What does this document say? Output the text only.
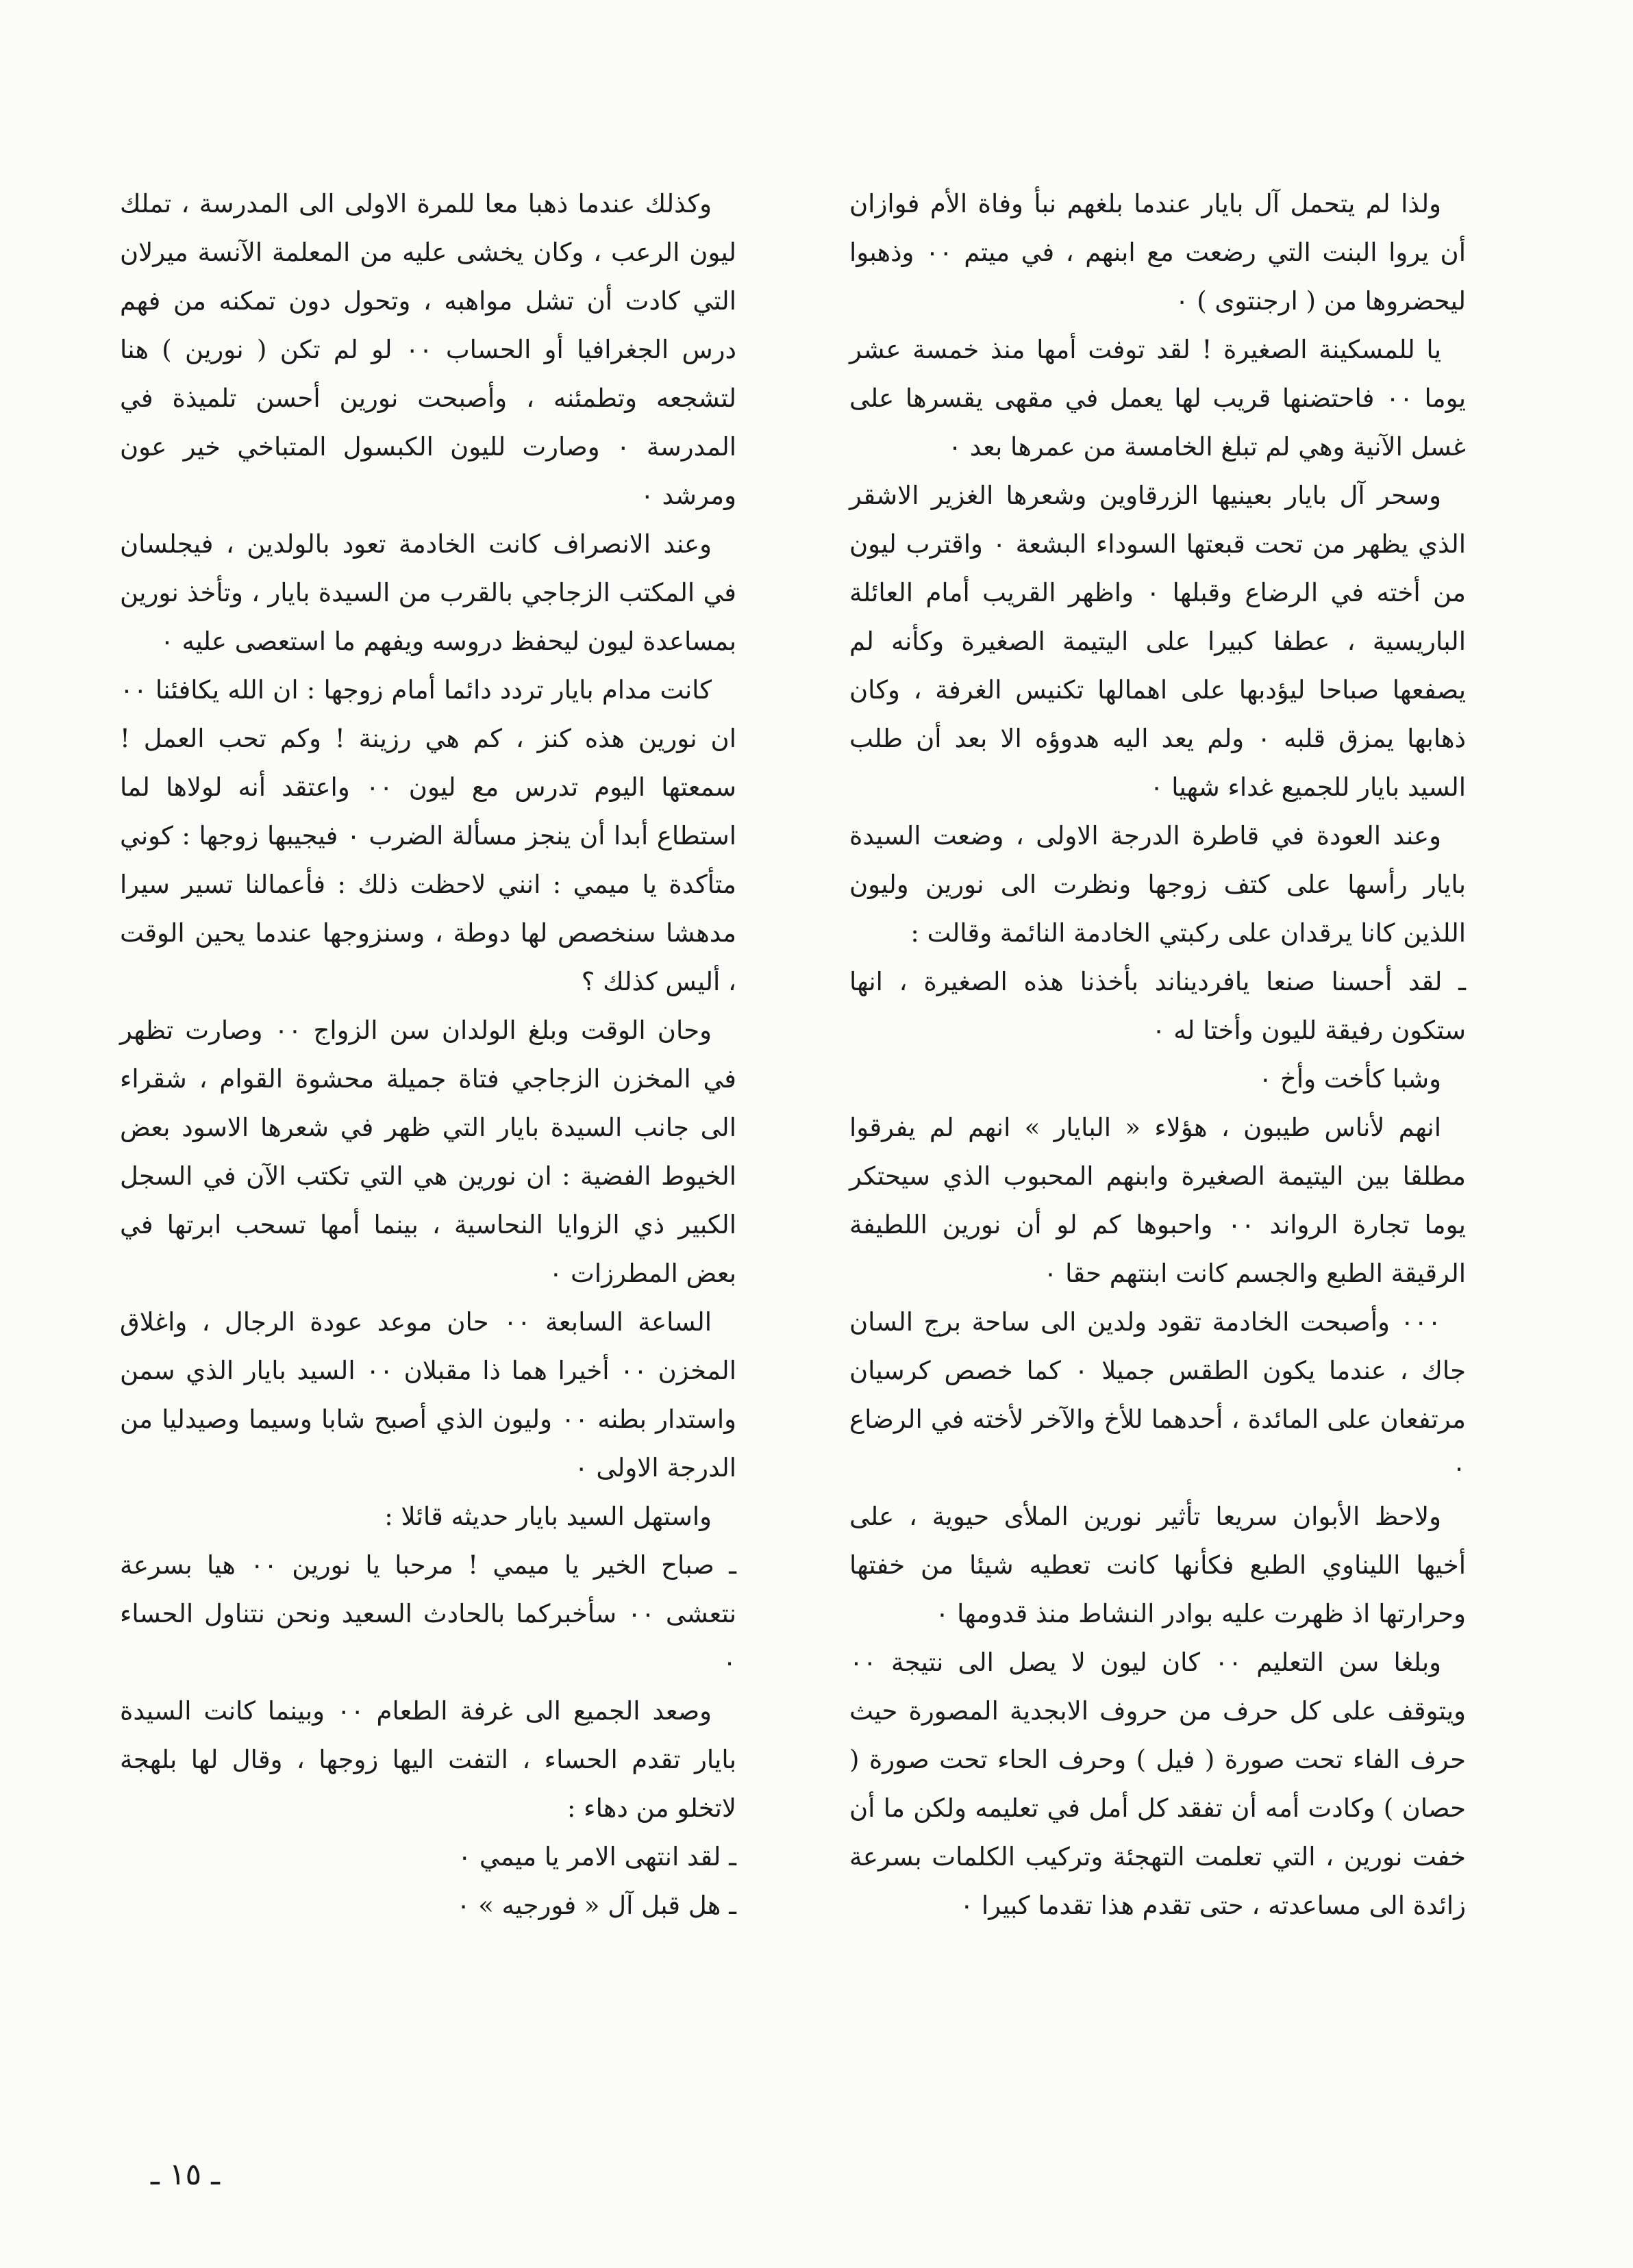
ولذا لم يتحمل آل بايار عندما بلغهم نبأ وفاة الأم فوازان أن يروا البنت التي رضعت مع ابنهم ، في ميتم ٠٠ وذهبوا ليحضروها من ( ارجنتوى ) ٠

يا للمسكينة الصغيرة ! لقد توفت أمها منذ خمسة عشر يوما ٠٠ فاحتضنها قريب لها يعمل في مقهى يقسرها على غسل الآنية وهي لم تبلغ الخامسة من عمرها بعد ٠

وسحر آل بايار بعينيها الزرقاوين وشعرها الغزير الاشقر الذي يظهر من تحت قبعتها السوداء البشعة ٠ واقترب ليون من أخته في الرضاع وقبلها ٠ واظهر القريب أمام العائلة الباريسية ، عطفا كبيرا على اليتيمة الصغيرة وكأنه لم يصفعها صباحا ليؤدبها على اهمالها تكنيس الغرفة ، وكان ذهابها يمزق قلبه ٠ ولم يعد اليه هدوؤه الا بعد أن طلب السيد بايار للجميع غداء شهيا ٠

وعند العودة في قاطرة الدرجة الاولى ، وضعت السيدة بايار رأسها على كتف زوجها ونظرت الى نورين وليون اللذين كانا يرقدان على ركبتي الخادمة النائمة وقالت :

ـ لقد أحسنا صنعا يافرديناند بأخذنا هذه الصغيرة ، انها ستكون رفيقة لليون وأختا له ٠

وشبا كأخت وأخ ٠

انهم لأناس طيبون ، هؤلاء « البايار » انهم لم يفرقوا مطلقا بين اليتيمة الصغيرة وابنهم المحبوب الذي سيحتكر يوما تجارة الرواند ٠٠ واحبوها كم لو أن نورين اللطيفة الرقيقة الطبع والجسم كانت ابنتهم حقا ٠

٠٠٠ وأصبحت الخادمة تقود ولدين الى ساحة برج السان جاك ، عندما يكون الطقس جميلا ٠ كما خصص كرسيان مرتفعان على المائدة ، أحدهما للأخ والآخر لأخته في الرضاع ٠

ولاحظ الأبوان سريعا تأثير نورين الملأى حيوية ، على أخيها الليناوي الطبع فكأنها كانت تعطيه شيئا من خفتها وحرارتها اذ ظهرت عليه بوادر النشاط منذ قدومها ٠

وبلغا سن التعليم ٠٠ كان ليون لا يصل الى نتيجة ٠٠ ويتوقف على كل حرف من حروف الابجدية المصورة حيث حرف الفاء تحت صورة ( فيل ) وحرف الحاء تحت صورة ( حصان ) وكادت أمه أن تفقد كل أمل في تعليمه ولكن ما أن خفت نورين ، التي تعلمت التهجئة وتركيب الكلمات بسرعة زائدة الى مساعدته ، حتى تقدم هذا تقدما كبيرا ٠

وكذلك عندما ذهبا معا للمرة الاولى الى المدرسة ، تملك ليون الرعب ، وكان يخشى عليه من المعلمة الآنسة ميرلان التي كادت أن تشل مواهبه ، وتحول دون تمكنه من فهم درس الجغرافيا أو الحساب ٠٠ لو لم تكن ( نورين ) هنا لتشجعه وتطمئنه ، وأصبحت نورين أحسن تلميذة في المدرسة ٠ وصارت لليون الكبسول المتباخي خير عون ومرشد ٠

وعند الانصراف كانت الخادمة تعود بالولدين ، فيجلسان في المكتب الزجاجي بالقرب من السيدة بايار ، وتأخذ نورين بمساعدة ليون ليحفظ دروسه ويفهم ما استعصى عليه ٠

كانت مدام بايار تردد دائما أمام زوجها : ان الله يكافئنا ٠٠ ان نورين هذه كنز ، كم هي رزينة ! وكم تحب العمل ! سمعتها اليوم تدرس مع ليون ٠٠ واعتقد أنه لولاها لما استطاع أبدا أن ينجز مسألة الضرب ٠ فيجيبها زوجها : كوني متأكدة يا ميمي : انني لاحظت ذلك : فأعمالنا تسير سيرا مدهشا سنخصص لها دوطة ، وسنزوجها عندما يحين الوقت ، أليس كذلك ؟

وحان الوقت وبلغ الولدان سن الزواج ٠٠ وصارت تظهر في المخزن الزجاجي فتاة جميلة محشوة القوام ، شقراء الى جانب السيدة بايار التي ظهر في شعرها الاسود بعض الخيوط الفضية : ان نورين هي التي تكتب الآن في السجل الكبير ذي الزوايا النحاسية ، بينما أمها تسحب ابرتها في بعض المطرزات ٠

الساعة السابعة ٠٠ حان موعد عودة الرجال ، واغلاق المخزن ٠٠ أخيرا هما ذا مقبلان ٠٠ السيد بايار الذي سمن واستدار بطنه ٠٠ وليون الذي أصبح شابا وسيما وصيدليا من الدرجة الاولى ٠

واستهل السيد بايار حديثه قائلا :

ـ صباح الخير يا ميمي ! مرحبا يا نورين ٠٠ هيا بسرعة نتعشى ٠٠ سأخبركما بالحادث السعيد ونحن نتناول الحساء ٠

وصعد الجميع الى غرفة الطعام ٠٠ وبينما كانت السيدة بايار تقدم الحساء ، التفت اليها زوجها ، وقال لها بلهجة لاتخلو من دهاء :

ـ لقد انتهى الامر يا ميمي ٠

ـ هل قبل آل « فورجيه » ٠

ـ ١٥ ـ
